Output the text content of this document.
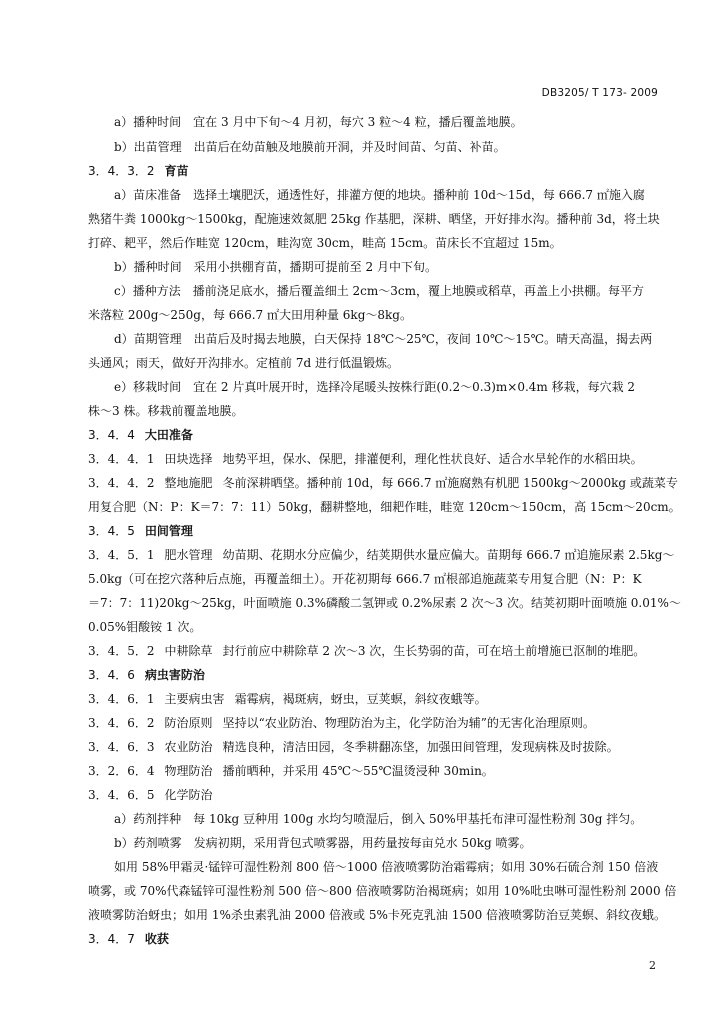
DB3205/ T 173- 2009
a）播种时间　宜在 3 月中下旬～4 月初，每穴 3 粒～4 粒，播后覆盖地膜。
b）出苗管理　出苗后在幼苗触及地膜前开洞，并及时间苗、匀苗、补苗。
3．4．3．2 育苗
a）苗床准备　选择土壤肥沃，通透性好，排灌方便的地块。播种前 10d～15d，每 666.7 ㎡施入腐
熟猪牛粪 1000kg～1500kg，配施速效氮肥 25kg 作基肥，深耕、晒垡，开好排水沟。播种前 3d，将土块
打碎、耙平，然后作畦宽 120cm，畦沟宽 30cm，畦高 15cm。苗床长不宜超过 15m。
b）播种时间　采用小拱棚育苗，播期可提前至 2 月中下旬。
c）播种方法　播前浇足底水，播后覆盖细土 2cm～3cm，覆上地膜或稻草，再盖上小拱棚。每平方
米落粒 200g～250g，每 666.7 ㎡大田用种量 6kg～8kg。
d）苗期管理　出苗后及时揭去地膜，白天保持 18℃～25℃，夜间 10℃～15℃。晴天高温，揭去两
头通风；雨天，做好开沟排水。定植前 7d 进行低温锻炼。
e）移栽时间　宜在 2 片真叶展开时，选择冷尾暖头按株行距(0.2～0.3)m×0.4m 移栽，每穴栽 2
株～3 株。移栽前覆盖地膜。
3．4．4 大田准备
3．4．4．1 田块选择 地势平坦，保水、保肥，排灌便利，理化性状良好、适合水旱轮作的水稻田块。
3．4．4．2 整地施肥 冬前深耕晒垡。播种前 10d，每 666.7 ㎡施腐熟有机肥 1500kg～2000kg 或蔬菜专
用复合肥（N：P：K＝7：7：11）50kg，翻耕整地，细耙作畦，畦宽 120cm～150cm，高 15cm～20cm。
3．4．5 田间管理
3．4．5．1 肥水管理 幼苗期、花期水分应偏少，结荚期供水量应偏大。苗期每 666.7 ㎡追施尿素 2.5kg～
5.0kg（可在挖穴落种后点施，再覆盖细土）。开花初期每 666.7 ㎡根部追施蔬菜专用复合肥（N：P：K
＝7：7：11)20kg～25kg，叶面喷施 0.3%磷酸二氢钾或 0.2%尿素 2 次～3 次。结荚初期叶面喷施 0.01%～
0.05%钼酸铵 1 次。
3．4．5．2 中耕除草 封行前应中耕除草 2 次～3 次，生长势弱的苗，可在培土前增施已沤制的堆肥。
3．4．6 病虫害防治
3．4．6．1 主要病虫害 霜霉病，褐斑病，蚜虫，豆荚螟，斜纹夜蛾等。
3．4．6．2 防治原则 坚持以“农业防治、物理防治为主，化学防治为辅”的无害化治理原则。
3．4．6．3 农业防治 精选良种，清洁田园，冬季耕翻冻垡，加强田间管理，发现病株及时拔除。
3．2．6．4 物理防治 播前晒种，并采用 45℃～55℃温烫浸种 30min。
3．4．6．5 化学防治
a）药剂拌种　每 10kg 豆种用 100g 水均匀喷湿后，倒入 50%甲基托布津可湿性粉剂 30g 拌匀。
b）药剂喷雾　发病初期，采用背包式喷雾器，用药量按每亩兑水 50kg 喷雾。
如用 58%甲霜灵·锰锌可湿性粉剂 800 倍～1000 倍液喷雾防治霜霉病；如用 30%石硫合剂 150 倍液
喷雾，或 70%代森锰锌可湿性粉剂 500 倍～800 倍液喷雾防治褐斑病；如用 10%吡虫啉可湿性粉剂 2000 倍
液喷雾防治蚜虫；如用 1%杀虫素乳油 2000 倍液或 5%卡死克乳油 1500 倍液喷雾防治豆荚螟、斜纹夜蛾。
3．4．7 收获
2
